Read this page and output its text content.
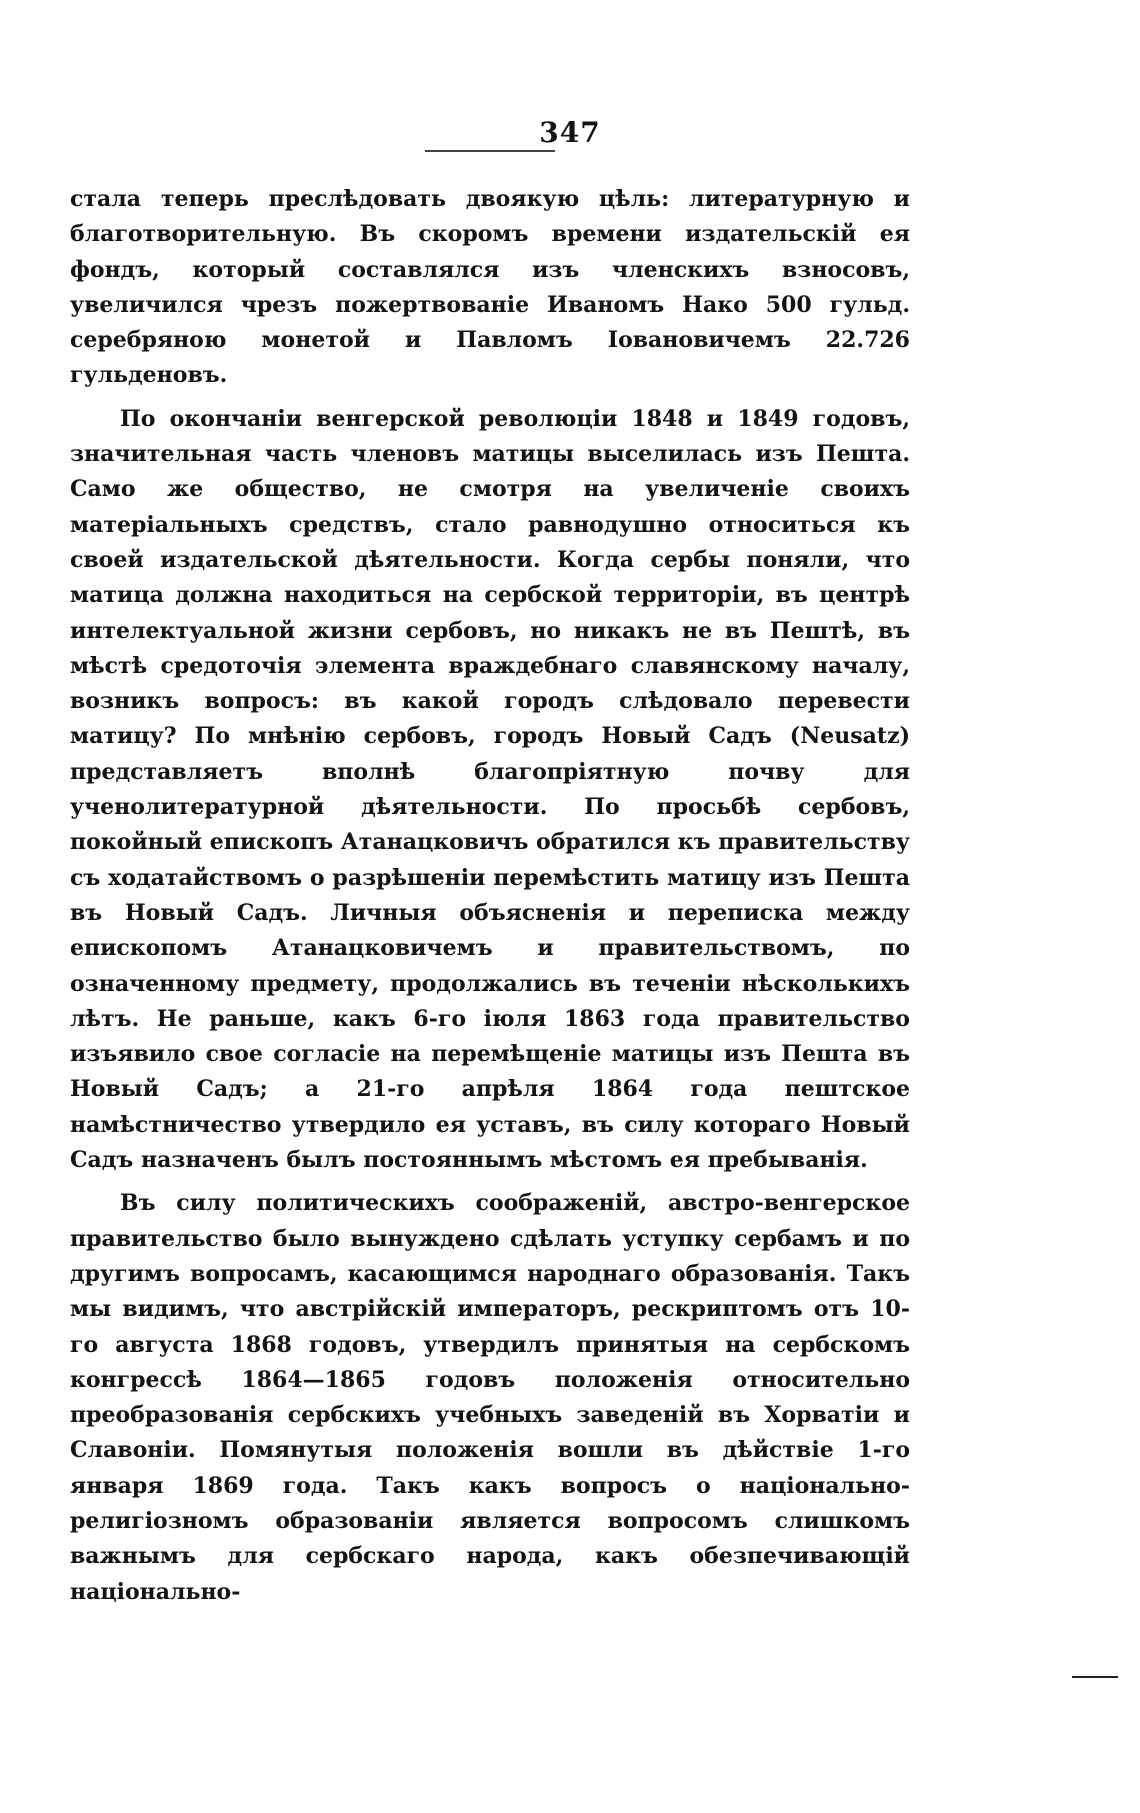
347

стала теперь преслѣдовать двоякую цѣль: литературную и благотворительную. Въ скоромъ времени издательскій ея фондъ, который составлялся изъ членскихъ взносовъ, увеличился чрезъ пожертвованіе Иваномъ Нако 500 гульд. серебряною монетой и Павломъ Іовановичемъ 22.726 гульденовъ.

По окончаніи венгерской революціи 1848 и 1849 годовъ, значительная часть членовъ матицы выселилась изъ Пешта. Само же общество, не смотря на увеличеніе своихъ матеріальныхъ средствъ, стало равнодушно относиться къ своей издательской дѣятельности. Когда сербы поняли, что матица должна находиться на сербской территоріи, въ центрѣ интелектуальной жизни сербовъ, но никакъ не въ Пештѣ, въ мѣстѣ средоточія элемента враждебнаго славянскому началу, возникъ вопросъ: въ какой городъ слѣдовало перевести матицу? По мнѣнію сербовъ, городъ Новый Садъ (Neusatz) представляетъ вполнѣ благопріятную почву для ученолитературной дѣятельности. По просьбѣ сербовъ, покойный епископъ Атанацковичъ обратился къ правительству съ ходатайствомъ о разрѣшеніи перемѣстить матицу изъ Пешта въ Новый Садъ. Личныя объясненія и переписка между епископомъ Атанацковичемъ и правительствомъ, по означенному предмету, продолжались въ теченіи нѣсколькихъ лѣтъ. Не раньше, какъ 6-го іюля 1863 года правительство изъявило свое согласіе на перемѣщеніе матицы изъ Пешта въ Новый Садъ; а 21-го апрѣля 1864 года пештское намѣстничество утвердило ея уставъ, въ силу котораго Новый Садъ назначенъ былъ постояннымъ мѣстомъ ея пребыванія.

Въ силу политическихъ соображеній, австро-венгерское правительство было вынуждено сдѣлать уступку сербамъ и по другимъ вопросамъ, касающимся народнаго образованія. Такъ мы видимъ, что австрійскій императоръ, рескриптомъ отъ 10-го августа 1868 годовъ, утвердилъ принятыя на сербскомъ конгрессѣ 1864—1865 годовъ положенія относительно преобразованія сербскихъ учебныхъ заведеній въ Хорватіи и Славоніи. Помянутыя положенія вошли въ дѣйствіе 1-го января 1869 года. Такъ какъ вопросъ о національно-религіозномъ образованіи является вопросомъ слишкомъ важнымъ для сербскаго народа, какъ обезпечивающій національно-
